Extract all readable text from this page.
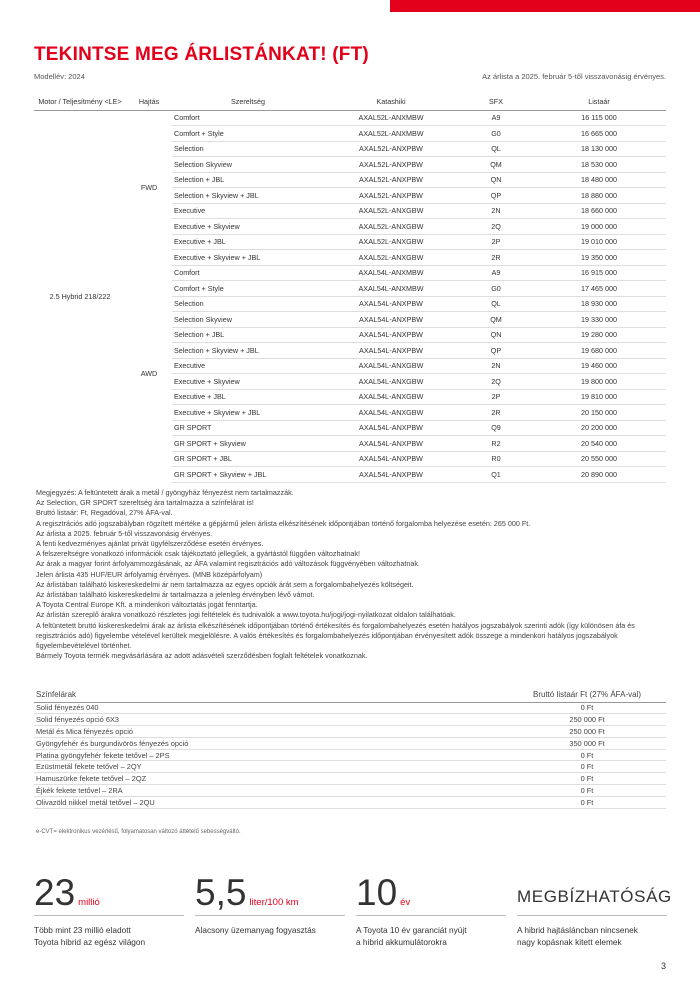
TEKINTSE MEG ÁRLISTÁNKAT! (FT)
Modellév: 2024	Az árlista a 2025. február 5-től visszavonásig érvényes.
Motor / Teljesítmény <LE>	Hajtás	Szereltség	Katashiki	SFX	Listaár
2.5 Hybrid 218/222	FWD	Comfort	AXAL52L-ANXMBW	A9	16 115 000
		Comfort + Style	AXAL52L-ANXMBW	G0	16 665 000
		Selection	AXAL52L-ANXPBW	QL	18 130 000
		Selection Skyview	AXAL52L-ANXPBW	QM	18 530 000
		Selection + JBL	AXAL52L-ANXPBW	QN	18 480 000
		Selection + Skyview + JBL	AXAL52L-ANXPBW	QP	18 880 000
		Executive	AXAL52L-ANXGBW	2N	18 660 000
		Executive + Skyview	AXAL52L-ANXGBW	2Q	19 000 000
		Executive + JBL	AXAL52L-ANXGBW	2P	19 010 000
		Executive + Skyview + JBL	AXAL52L-ANXGBW	2R	19 350 000
	AWD	Comfort	AXAL54L-ANXMBW	A9	16 915 000
		Comfort + Style	AXAL54L-ANXMBW	G0	17 465 000
		Selection	AXAL54L-ANXPBW	QL	18 930 000
		Selection Skyview	AXAL54L-ANXPBW	QM	19 330 000
		Selection + JBL	AXAL54L-ANXPBW	QN	19 280 000
		Selection + Skyview + JBL	AXAL54L-ANXPBW	QP	19 680 000
		Executive	AXAL54L-ANXGBW	2N	19 460 000
		Executive + Skyview	AXAL54L-ANXGBW	2Q	19 800 000
		Executive + JBL	AXAL54L-ANXGBW	2P	19 810 000
		Executive + Skyview + JBL	AXAL54L-ANXGBW	2R	20 150 000
		GR SPORT	AXAL54L-ANXPBW	Q9	20 200 000
		GR SPORT + Skyview	AXAL54L-ANXPBW	R2	20 540 000
		GR SPORT + JBL	AXAL54L-ANXPBW	R0	20 550 000
		GR SPORT + Skyview + JBL	AXAL54L-ANXPBW	Q1	20 890 000

Megjegyzés: A feltüntetett árak a metál / gyöngyház fényezést nem tartalmazzák.

Az Selection, GR SPORT szereltség ára tartalmazza a színfelárat is!

Bruttó listaár: Ft, Regadóval, 27% ÁFA-val.

A regisztrációs adó jogszabályban rögzített mértéke a gépjármű jelen árlista elkészítésének időpontjában történő forgalomba helyezése esetén: 265 000 Ft.

Az árlista a 2025. február 5-től visszavonásig érvényes.

A fenti kedvezményes ajánlat privát ügyfélszerződése esetén érvényes.

A felszereltségre vonatkozó információk csak tájékoztató jellegűek, a gyártástól függően változhatnak!

Az árak a magyar forint árfolyammozgásának, az ÁFA valamint regisztrációs adó változások függvényében változhatnak.

Jelen árlista 435 HUF/EUR árfolyamig érvényes. (MNB középárfolyam)

Az árlistában található kiskereskedelmi ár nem tartalmazza az egyes opciók árát sem a forgalombahelyezés költségeit.

Az árlistában található kiskereskedelmi ár tartalmazza a jelenleg érvényben lévő vámot.

A Toyota Central Europe Kft. a mindenkori változtatás jogát fenntartja.

Az árlistán szereplő árakra vonatkozó részletes jogi feltételek és tudnivalók a www.toyota.hu/jogi/jogi-nyilatkozat oldalon találhatóak.

A feltüntetett bruttó kiskereskedelmi árak az árlista elkészítésének időpontjában történő értékesítés és forgalombahelyezés esetén hatályos jogszabályok szerinti adók (így különösen áfa és regisztrációs adó) figyelembe vételével kerültek megjelölésre. A valós értékesítés és forgalombahelyezés időpontjában érvényesített adók összege a mindenkori hatályos jogszabályok figyelembevételével történhet.

Bármely Toyota termék megvásárlására az adott adásvételi szerződésben foglalt feltételek vonatkoznak.

Színfelárak	Bruttó listaár Ft (27% ÁFA-val)
Solid fényezés 040	0 Ft
Solid fényezés opció 6X3	250 000 Ft
Metál és Mica fényezés opció	250 000 Ft
Gyöngyfehér és burgundivörös fényezés opció	350 000 Ft
Platina gyöngyfehér fekete tetővel – 2PS	0 Ft
Ezüstmetál fekete tetővel – 2QY	0 Ft
Hamuszürke fekete tetővel – 2QZ	0 Ft
Éjkék fekete tetővel – 2RA	0 Ft
Olivazöld nikkel metál tetővel – 2QU	0 Ft
e-CVT= elektronikus vezérlésű, folyamatosan változó áttételű sebességváltó.
23 millió
Több mint 23 millió eladott
Toyota hibrid az egész világon
5,5 liter/100 km
Alacsony üzemanyag fogyasztás
10 év
A Toyota 10 év garanciát nyújt
a hibrid akkumulátorokra
MEGBÍZHATÓSÁG
A hibrid hajtásláncban nincsenek
nagy kopásnak kitett elemek
3
